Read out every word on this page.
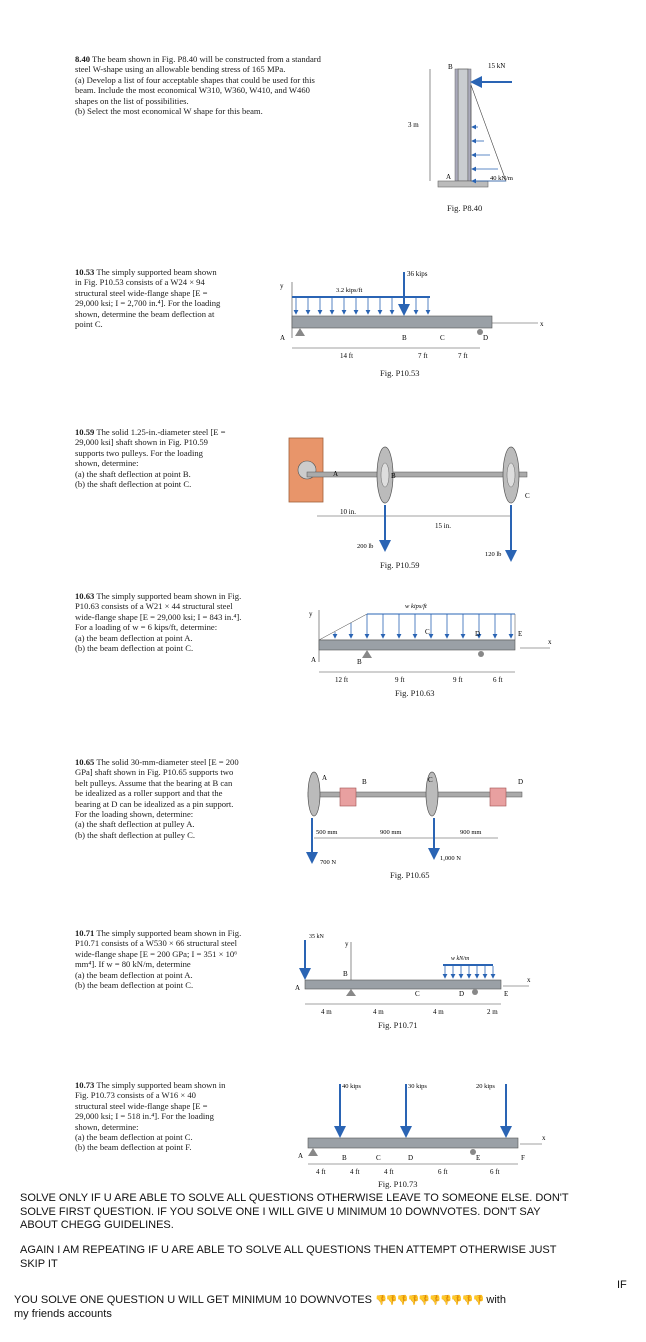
8.40 The beam shown in Fig. P8.40 will be constructed from a standard
steel W-shape using an allowable bending stress of 165 MPa.
(a) Develop a list of four acceptable shapes that could be used for this
beam. Include the most economical W310, W360, W410, and W460
shapes on the list of possibilities.
(b) Select the most economical W shape for this beam.
B	15 kN
3 m
A	40 kN/m
Fig. P8.40
10.53 The simply supported beam shown
in Fig. P10.53 consists of a W24 × 94
structural steel wide-flange shape [E =
29,000 ksi; I = 2,700 in.⁴]. For the loading
shown, determine the beam deflection at
point C.
y
3.2 kips/ft
36 kips
x
A	B	C	D
14 ft	7 ft	7 ft
Fig. P10.53
10.59 The solid 1.25-in.-diameter steel [E =
29,000 ksi] shaft shown in Fig. P10.59
supports two pulleys. For the loading
shown, determine:
(a) the shaft deflection at point B.
(b) the shaft deflection at point C.
A	B
C
10 in.
15 in.
200 lb
120 lb
Fig. P10.59
10.63 The simply supported beam shown in Fig.
P10.63 consists of a W21 × 44 structural steel
wide-flange shape [E = 29,000 ksi; I = 843 in.⁴].
For a loading of w = 6 kips/ft, determine:
(a) the beam deflection at point A.
(b) the beam deflection at point C.
y
w kips/ft
A	B
C	D	E
x
12 ft	9 ft	9 ft	6 ft
Fig. P10.63
10.65 The solid 30-mm-diameter steel [E = 200
GPa] shaft shown in Fig. P10.65 supports two
belt pulleys. Assume that the bearing at B can
be idealized as a roller support and that the
bearing at D can be idealized as a pin support.
For the loading shown, determine:
(a) the shaft deflection at pulley A.
(b) the shaft deflection at pulley C.
A	B	C	D
500 mm	900 mm	900 mm
700 N
1,000 N
Fig. P10.65
10.71 The simply supported beam shown in Fig.
P10.71 consists of a W530 × 66 structural steel
wide-flange shape [E = 200 GPa; I = 351 × 10⁶
mm⁴]. If w = 80 kN/m, determine
(a) the beam deflection at point A.
(b) the beam deflection at point C.
35 kN
y
w kN/m
A
B
C	D	E
x
4 m	4 m	4 m	2 m
Fig. P10.71
10.73 The simply supported beam shown in
Fig. P10.73 consists of a W16 × 40
structural steel wide-flange shape [E =
29,000 ksi; I = 518 in.⁴]. For the loading
shown, determine:
(a) the beam deflection at point C.
(b) the beam deflection at point F.
40 kips	30 kips	20 kips
A	B	C	D	E	F
x
4 ft	4 ft	4 ft	6 ft	6 ft
Fig. P10.73
SOLVE ONLY IF U ARE ABLE TO SOLVE ALL QUESTIONS OTHERWISE LEAVE TO SOMEONE ELSE. DON'T
SOLVE FIRST QUESTION. IF YOU SOLVE ONE I WILL GIVE U MINIMUM 10 DOWNVOTES. DON'T SAY
ABOUT CHEGG GUIDELINES.
AGAIN I AM REPEATING IF U ARE ABLE TO SOLVE ALL QUESTIONS THEN ATTEMPT OTHERWISE JUST
SKIP IT
IF
YOU SOLVE ONE QUESTION U WILL GET MINIMUM 10 DOWNVOTES 👎👎👎👎👎👎👎👎👎👎 with
my friends accounts
